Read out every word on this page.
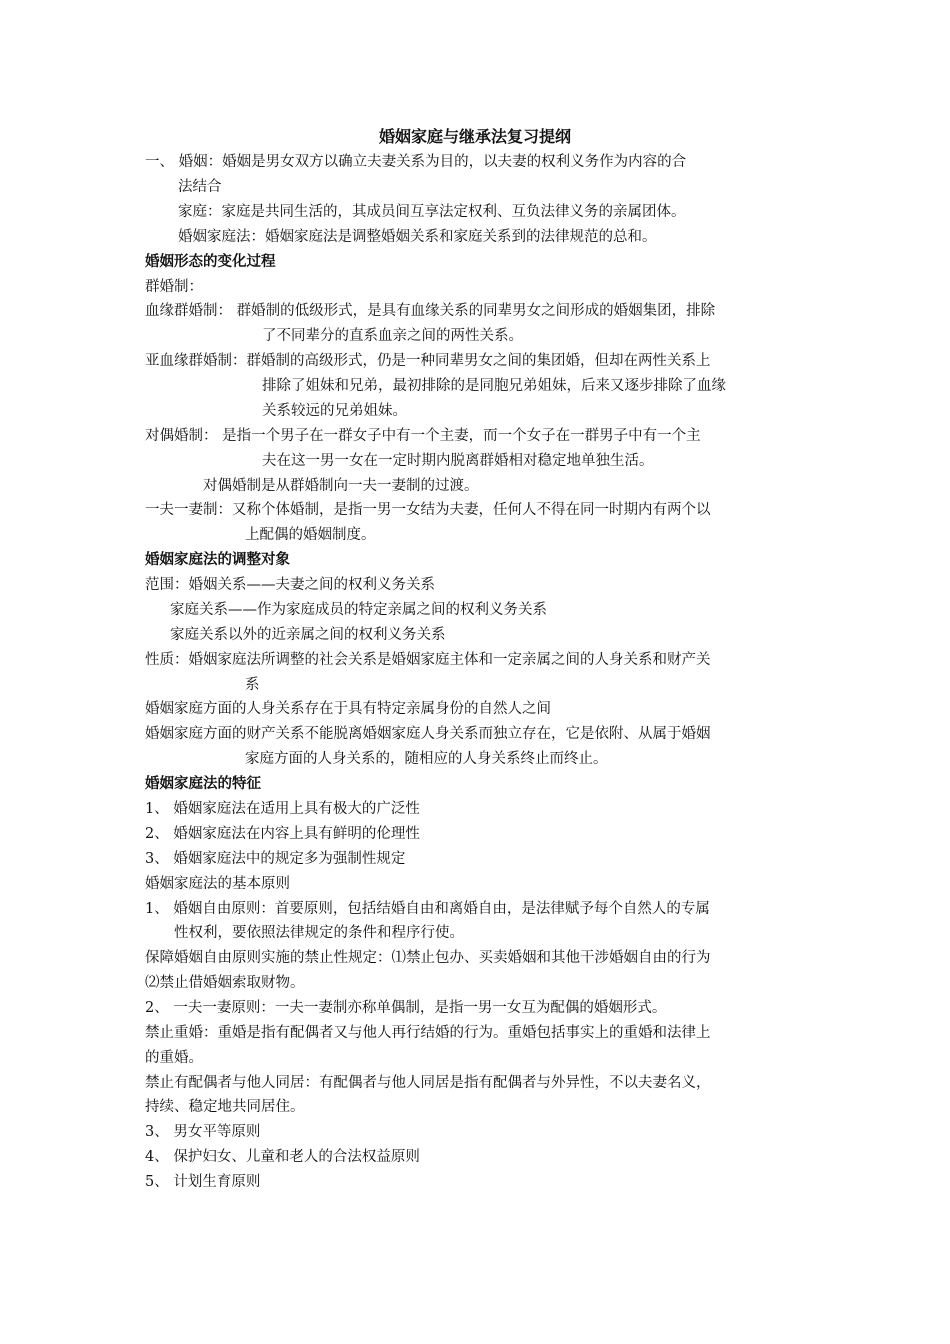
婚姻家庭与继承法复习提纲
一、 婚姻：婚姻是男女双方以确立夫妻关系为目的，以夫妻的权利义务作为内容的合
法结合
家庭：家庭是共同生活的，其成员间互享法定权利、互负法律义务的亲属团体。
婚姻家庭法：婚姻家庭法是调整婚姻关系和家庭关系到的法律规范的总和。
婚姻形态的变化过程
群婚制：
血缘群婚制： 群婚制的低级形式，是具有血缘关系的同辈男女之间形成的婚姻集团，排除
了不同辈分的直系血亲之间的两性关系。
亚血缘群婚制：群婚制的高级形式，仍是一种同辈男女之间的集团婚，但却在两性关系上
排除了姐妹和兄弟，最初排除的是同胞兄弟姐妹，后来又逐步排除了血缘
关系较远的兄弟姐妹。
对偶婚制： 是指一个男子在一群女子中有一个主妻，而一个女子在一群男子中有一个主
夫在这一男一女在一定时期内脱离群婚相对稳定地单独生活。
对偶婚制是从群婚制向一夫一妻制的过渡。
一夫一妻制：又称个体婚制，是指一男一女结为夫妻，任何人不得在同一时期内有两个以
上配偶的婚姻制度。
婚姻家庭法的调整对象
范围：婚姻关系——夫妻之间的权利义务关系
家庭关系——作为家庭成员的特定亲属之间的权利义务关系
家庭关系以外的近亲属之间的权利义务关系
性质：婚姻家庭法所调整的社会关系是婚姻家庭主体和一定亲属之间的人身关系和财产关
系
婚姻家庭方面的人身关系存在于具有特定亲属身份的自然人之间
婚姻家庭方面的财产关系不能脱离婚姻家庭人身关系而独立存在，它是依附、从属于婚姻
家庭方面的人身关系的，随相应的人身关系终止而终止。
婚姻家庭法的特征
1、 婚姻家庭法在适用上具有极大的广泛性
2、 婚姻家庭法在内容上具有鲜明的伦理性
3、 婚姻家庭法中的规定多为强制性规定
婚姻家庭法的基本原则
1、 婚姻自由原则：首要原则，包括结婚自由和离婚自由，是法律赋予每个自然人的专属
性权利，要依照法律规定的条件和程序行使。
保障婚姻自由原则实施的禁止性规定：⑴禁止包办、买卖婚姻和其他干涉婚姻自由的行为
⑵禁止借婚姻索取财物。
2、 一夫一妻原则：一夫一妻制亦称单偶制，是指一男一女互为配偶的婚姻形式。
禁止重婚：重婚是指有配偶者又与他人再行结婚的行为。重婚包括事实上的重婚和法律上
的重婚。
禁止有配偶者与他人同居：有配偶者与他人同居是指有配偶者与外异性，不以夫妻名义，
持续、稳定地共同居住。
3、 男女平等原则
4、 保护妇女、儿童和老人的合法权益原则
5、 计划生育原则
